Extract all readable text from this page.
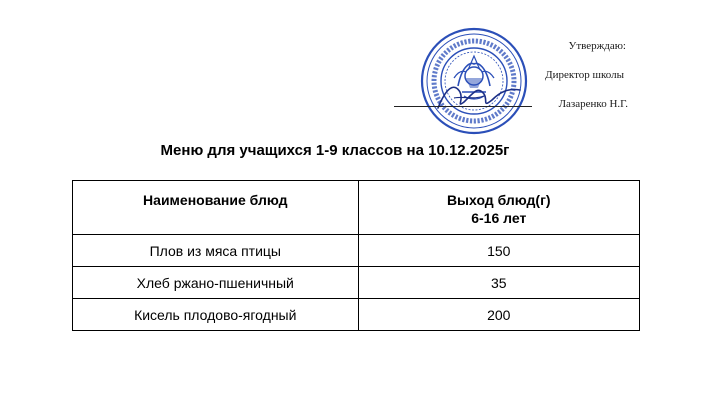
Утверждаю:
Директор школы
Лазаренко Н.Г.
Меню для учащихся 1-9 классов на 10.12.2025г
Наименование блюд	Выход блюд(г)
6-16 лет

Плов из мяса птицы	150
Хлеб ржано-пшеничный	35
Кисель плодово-ягодный	200
